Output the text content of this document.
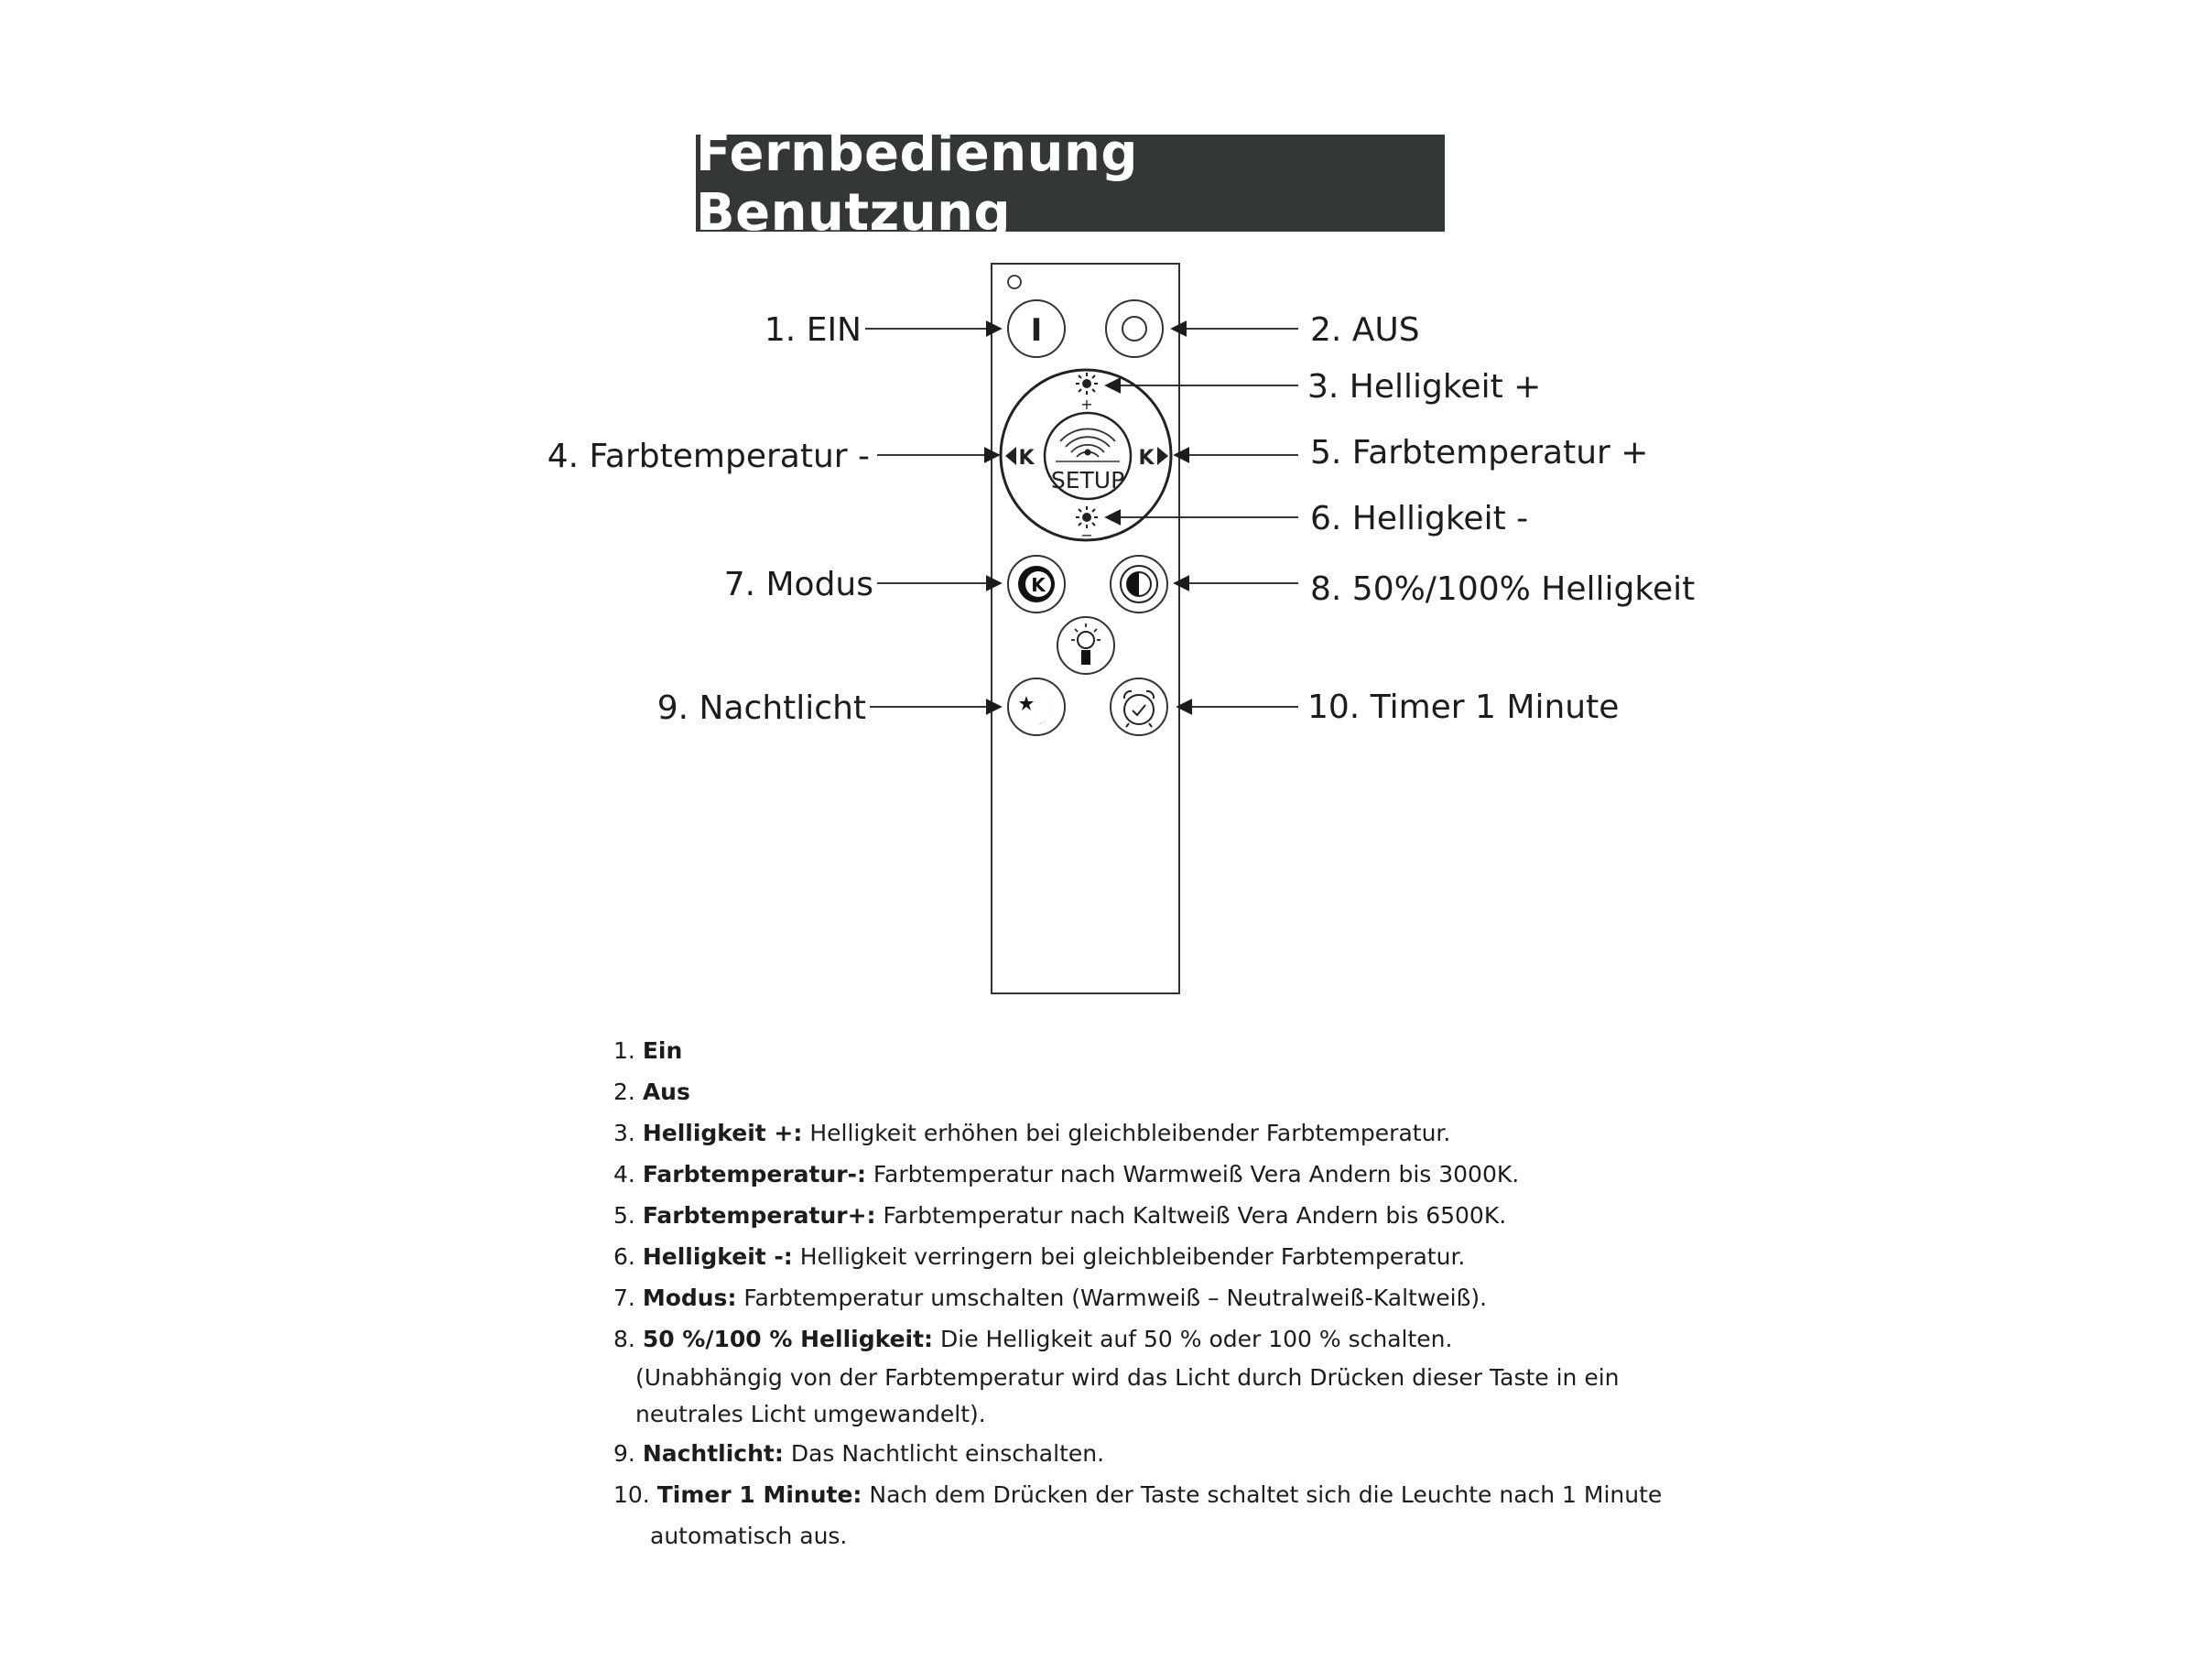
Fernbedienung Benutzung
I
+
−
K	K
SETUP
K
1. EIN	2. AUS
3. Helligkeit +
4. Farbtemperatur -	5. Farbtemperatur +
6. Helligkeit -
7. Modus	8. 50%/100% Helligkeit
9. Nachtlicht	10. Timer 1 Minute
1. Ein
2. Aus
3. Helligkeit +: Helligkeit erhöhen bei gleichbleibender Farbtemperatur.
4. Farbtemperatur-: Farbtemperatur nach Warmweiß Vera Andern bis 3000K.
5. Farbtemperatur+: Farbtemperatur nach Kaltweiß Vera Andern bis 6500K.
6. Helligkeit -: Helligkeit verringern bei gleichbleibender Farbtemperatur.
7. Modus: Farbtemperatur umschalten (Warmweiß – Neutralweiß-Kaltweiß).
8. 50 %/100 % Helligkeit: Die Helligkeit auf 50 % oder 100 % schalten.
(Unabhängig von der Farbtemperatur wird das Licht durch Drücken dieser Taste in ein
neutrales Licht umgewandelt).
9. Nachtlicht: Das Nachtlicht einschalten.
10. Timer 1 Minute: Nach dem Drücken der Taste schaltet sich die Leuchte nach 1 Minute
automatisch aus.
